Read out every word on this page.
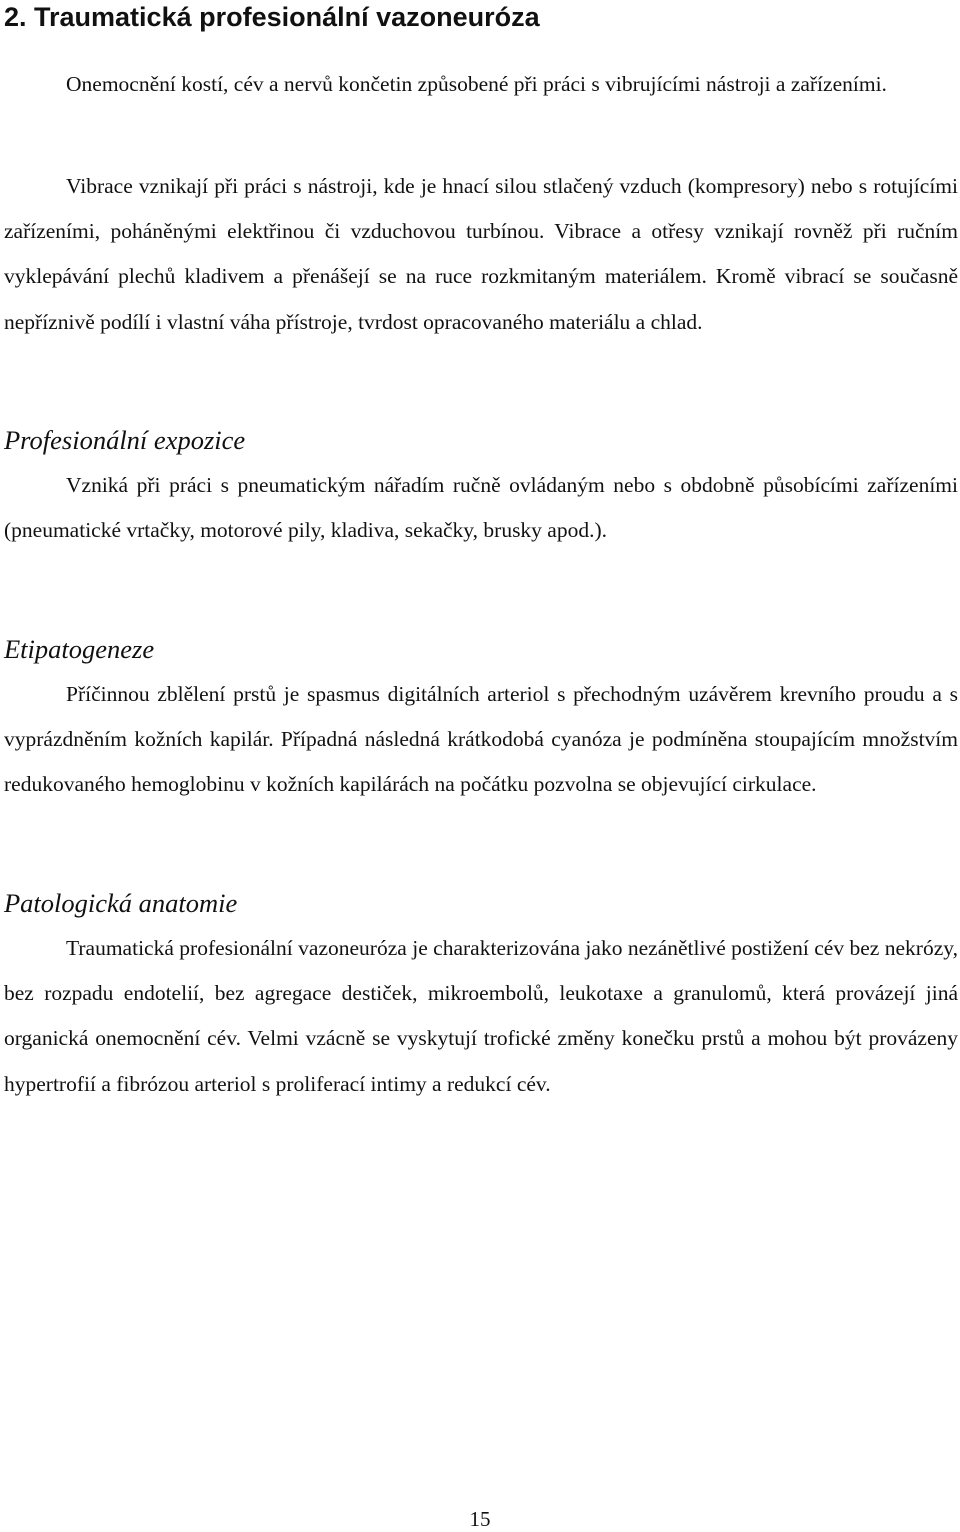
2. Traumatická profesionální vazoneuróza

Onemocnění kostí, cév a nervů končetin způsobené při práci s vibrujícími nástroji a zařízeními.

Vibrace vznikají při práci s nástroji, kde je hnací silou stlačený vzduch (kompresory) nebo s rotujícími zařízeními, poháněnými elektřinou či vzduchovou turbínou. Vibrace a otřesy vznikají rovněž při ručním vyklepávání plechů kladivem a přenášejí se na ruce rozkmitaným materiálem. Kromě vibrací se současně nepříznivě podílí i vlastní váha přístroje, tvrdost opracovaného materiálu a chlad.

Profesionální expozice

Vzniká při práci s pneumatickým nářadím ručně ovládaným nebo s obdobně působícími zařízeními (pneumatické vrtačky, motorové pily, kladiva, sekačky, brusky apod.).

Etipatogeneze

Příčinnou zblělení prstů je spasmus digitálních arteriol s přechodným uzávěrem krevního proudu a s vyprázdněním kožních kapilár. Případná následná krátkodobá cyanóza je podmíněna stoupajícím množstvím redukovaného hemoglobinu v kožních kapilárách na počátku pozvolna se objevující cirkulace.

Patologická anatomie

Traumatická profesionální vazoneuróza je charakterizována jako nezánětlivé postižení cév bez nekrózy, bez rozpadu endotelií, bez agregace destiček, mikroembolů, leukotaxe a granulomů, která provázejí jiná organická onemocnění cév. Velmi vzácně se vyskytují trofické změny konečku prstů a mohou být provázeny hypertrofií a fibrózou arteriol s proliferací intimy a redukcí cév.

15
